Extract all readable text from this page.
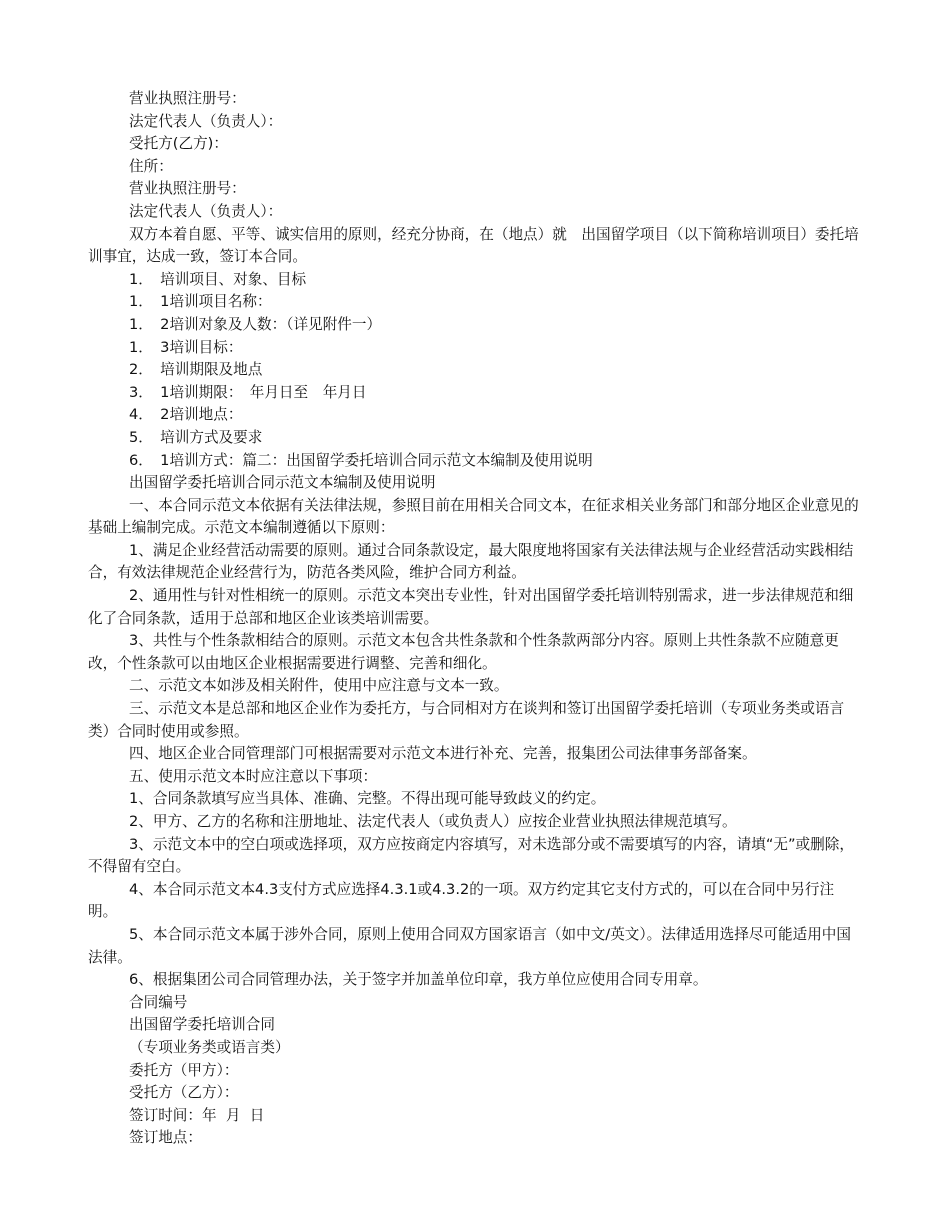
营业执照注册号：

法定代表人（负责人）：

受托方(乙方)：

住所：

营业执照注册号：

法定代表人（负责人）：

双方本着自愿、平等、诚实信用的原则，经充分协商，在（地点）就　出国留学项目（以下简称培训项目）委托培训事宜，达成一致，签订本合同。

1．　培训项目、对象、目标

1．　1培训项目名称：

1．　2培训对象及人数：（详见附件一）

1．　3培训目标：

2．　培训期限及地点

3．　1培训期限：　年月日至　年月日

4．　2培训地点：

5．　培训方式及要求

6．　1培训方式：篇二：出国留学委托培训合同示范文本编制及使用说明

出国留学委托培训合同示范文本编制及使用说明

一、本合同示范文本依据有关法律法规，参照目前在用相关合同文本，在征求相关业务部门和部分地区企业意见的基础上编制完成。示范文本编制遵循以下原则：

1、满足企业经营活动需要的原则。通过合同条款设定，最大限度地将国家有关法律法规与企业经营活动实践相结合，有效法律规范企业经营行为，防范各类风险，维护合同方利益。

2、通用性与针对性相统一的原则。示范文本突出专业性，针对出国留学委托培训特别需求，进一步法律规范和细化了合同条款，适用于总部和地区企业该类培训需要。

3、共性与个性条款相结合的原则。示范文本包含共性条款和个性条款两部分内容。原则上共性条款不应随意更改，个性条款可以由地区企业根据需要进行调整、完善和细化。

二、示范文本如涉及相关附件，使用中应注意与文本一致。

三、示范文本是总部和地区企业作为委托方，与合同相对方在谈判和签订出国留学委托培训（专项业务类或语言类）合同时使用或参照。

四、地区企业合同管理部门可根据需要对示范文本进行补充、完善，报集团公司法律事务部备案。

五、使用示范文本时应注意以下事项：

1、合同条款填写应当具体、准确、完整。不得出现可能导致歧义的约定。

2、甲方、乙方的名称和注册地址、法定代表人（或负责人）应按企业营业执照法律规范填写。

3、示范文本中的空白项或选择项，双方应按商定内容填写，对未选部分或不需要填写的内容，请填“无”或删除，不得留有空白。

4、本合同示范文本4.3支付方式应选择4.3.1或4.3.2的一项。双方约定其它支付方式的，可以在合同中另行注明。

5、本合同示范文本属于涉外合同，原则上使用合同双方国家语言（如中文/英文）。法律适用选择尽可能适用中国法律。

6、根据集团公司合同管理办法，关于签字并加盖单位印章，我方单位应使用合同专用章。

合同编号

出国留学委托培训合同

（专项业务类或语言类）

委托方（甲方）：

受托方（乙方）：

签订时间：年  月  日

签订地点：
